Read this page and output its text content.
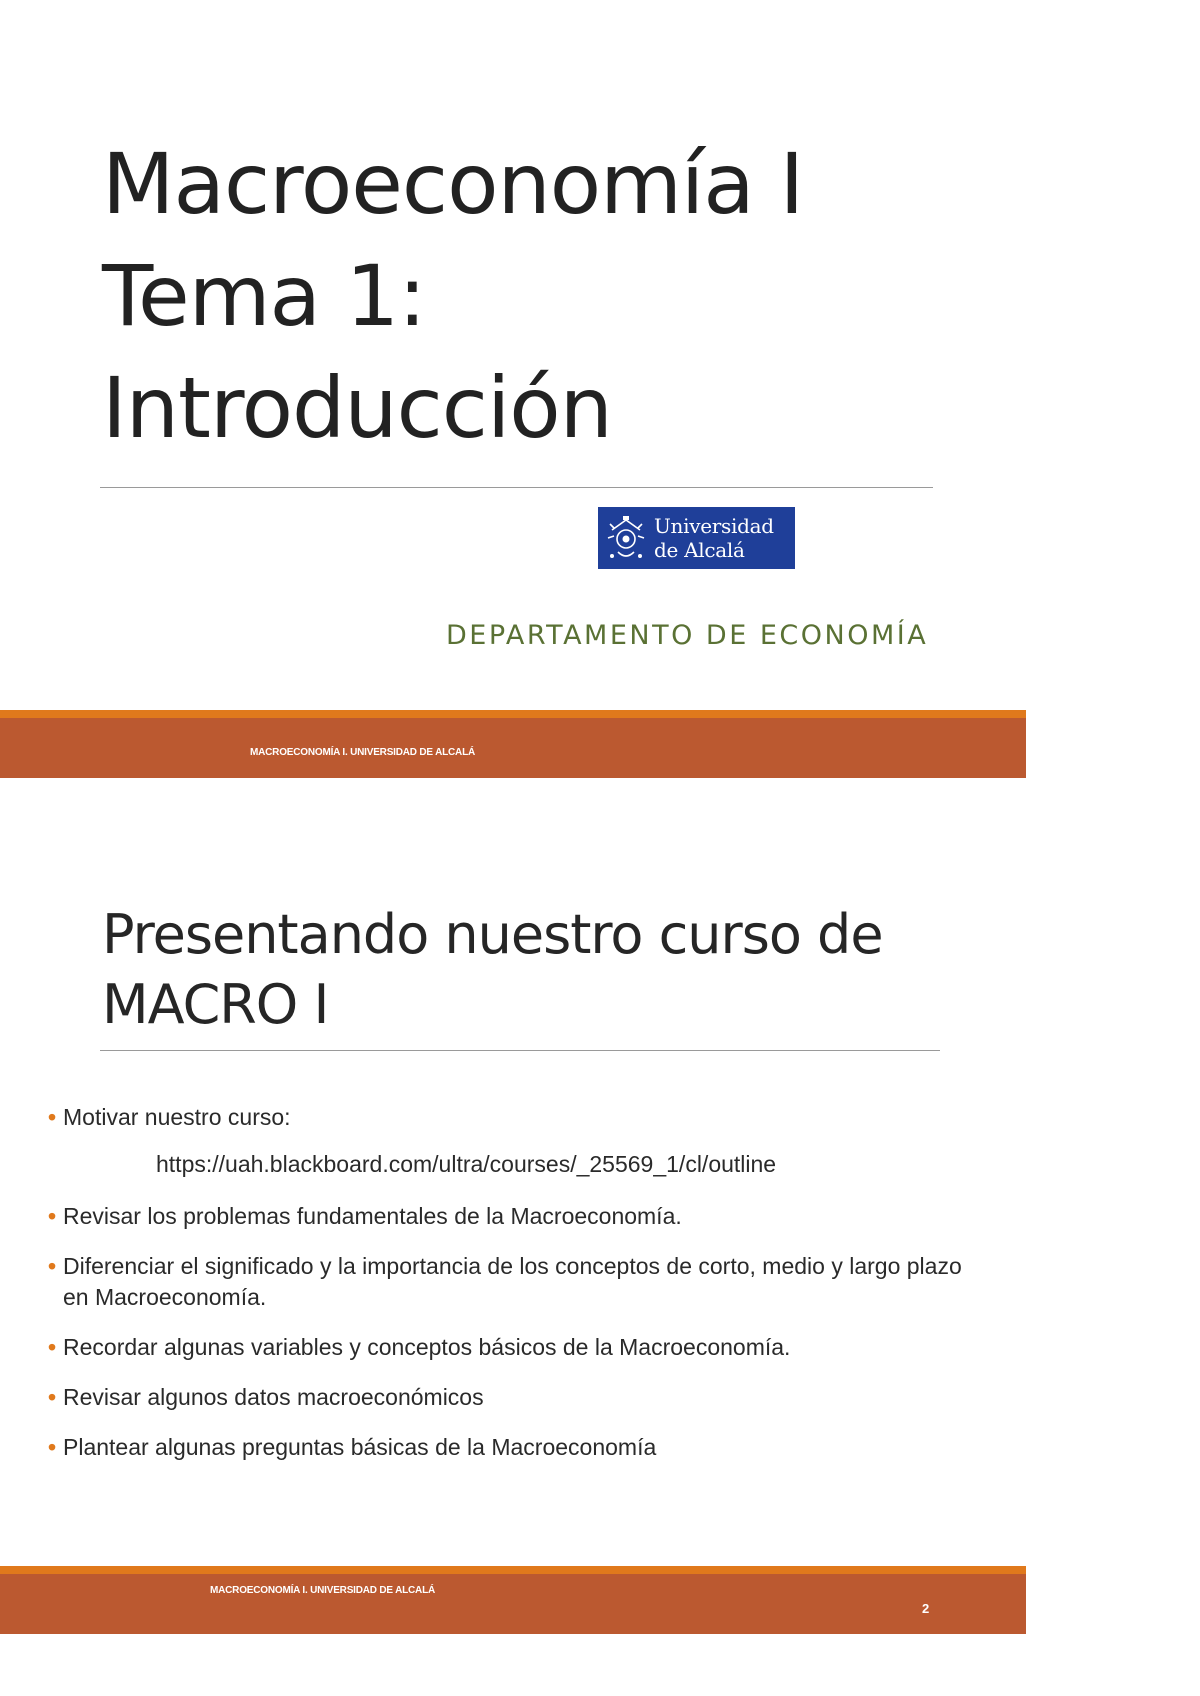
Macroeconomía I
Tema 1:
Introducción
Universidad
de Alcalá
DEPARTAMENTO DE ECONOMÍA
MACROECONOMÍA I. UNIVERSIDAD DE ALCALÁ
Presentando nuestro curso de
MACRO I
• Motivar nuestro curso:
https://uah.blackboard.com/ultra/courses/_25569_1/cl/outline
• Revisar los problemas fundamentales de la Macroeconomía.
• Diferenciar el significado y la importancia de los conceptos de corto, medio y largo plazo en Macroeconomía.
• Recordar algunas variables y conceptos básicos de la Macroeconomía.
• Revisar algunos datos macroeconómicos
• Plantear algunas preguntas básicas de la Macroeconomía
MACROECONOMÍA I. UNIVERSIDAD DE ALCALÁ
2
